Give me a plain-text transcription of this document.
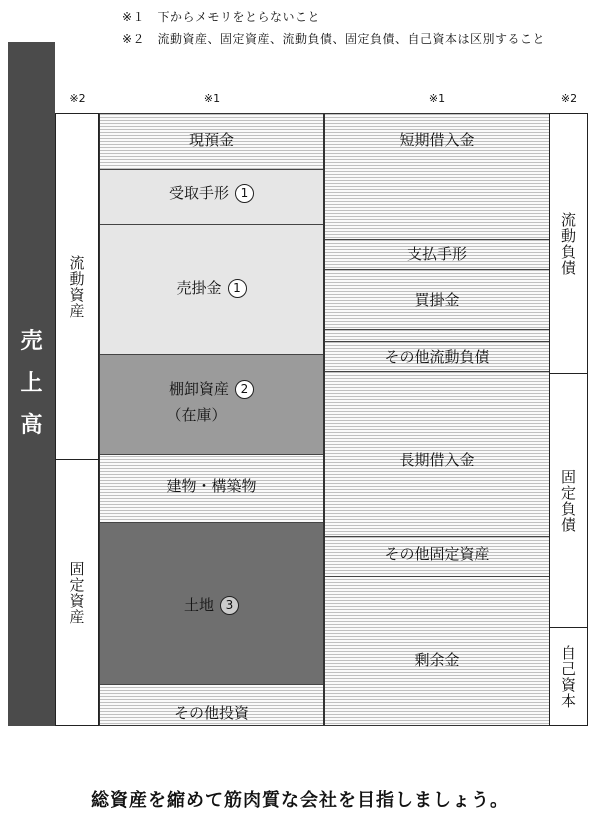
※１　下からメモリをとらないこと
※２　流動資産、固定資産、流動負債、固定負債、自己資本は区別すること
※2	※1	※1	※2
売
上
高
流動資産
固定資産
現預金
受取手形 1
売掛金 1
棚卸資産 2
（在庫）
建物・構築物
土地 3
その他投資
短期借入金
支払手形
買掛金
その他流動負債
長期借入金
その他固定資産
剰余金
流動負債
固定負債
自己資本
総資産を縮めて筋肉質な会社を目指しましょう。
